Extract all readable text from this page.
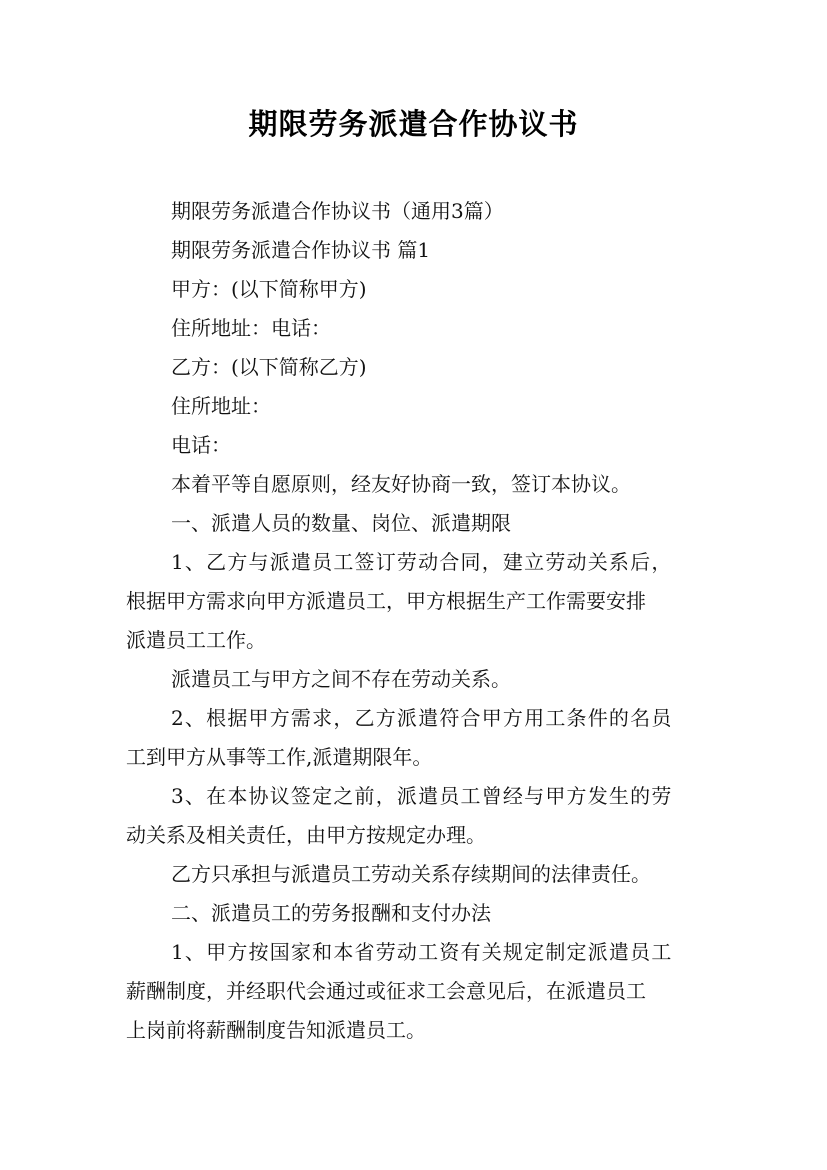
期限劳务派遣合作协议书
期限劳务派遣合作协议书（通用3篇）
期限劳务派遣合作协议书 篇1
甲方：(以下简称甲方)
住所地址：电话：
乙方：(以下简称乙方)
住所地址：
电话：
本着平等自愿原则，经友好协商一致，签订本协议。
一、派遣人员的数量、岗位、派遣期限
1、乙方与派遣员工签订劳动合同，建立劳动关系后，
根据甲方需求向甲方派遣员工，甲方根据生产工作需要安排
派遣员工工作。
派遣员工与甲方之间不存在劳动关系。
2、根据甲方需求，乙方派遣符合甲方用工条件的名员
工到甲方从事等工作,派遣期限年。
3、在本协议签定之前，派遣员工曾经与甲方发生的劳
动关系及相关责任，由甲方按规定办理。
乙方只承担与派遣员工劳动关系存续期间的法律责任。
二、派遣员工的劳务报酬和支付办法
1、甲方按国家和本省劳动工资有关规定制定派遣员工
薪酬制度，并经职代会通过或征求工会意见后，在派遣员工
上岗前将薪酬制度告知派遣员工。
